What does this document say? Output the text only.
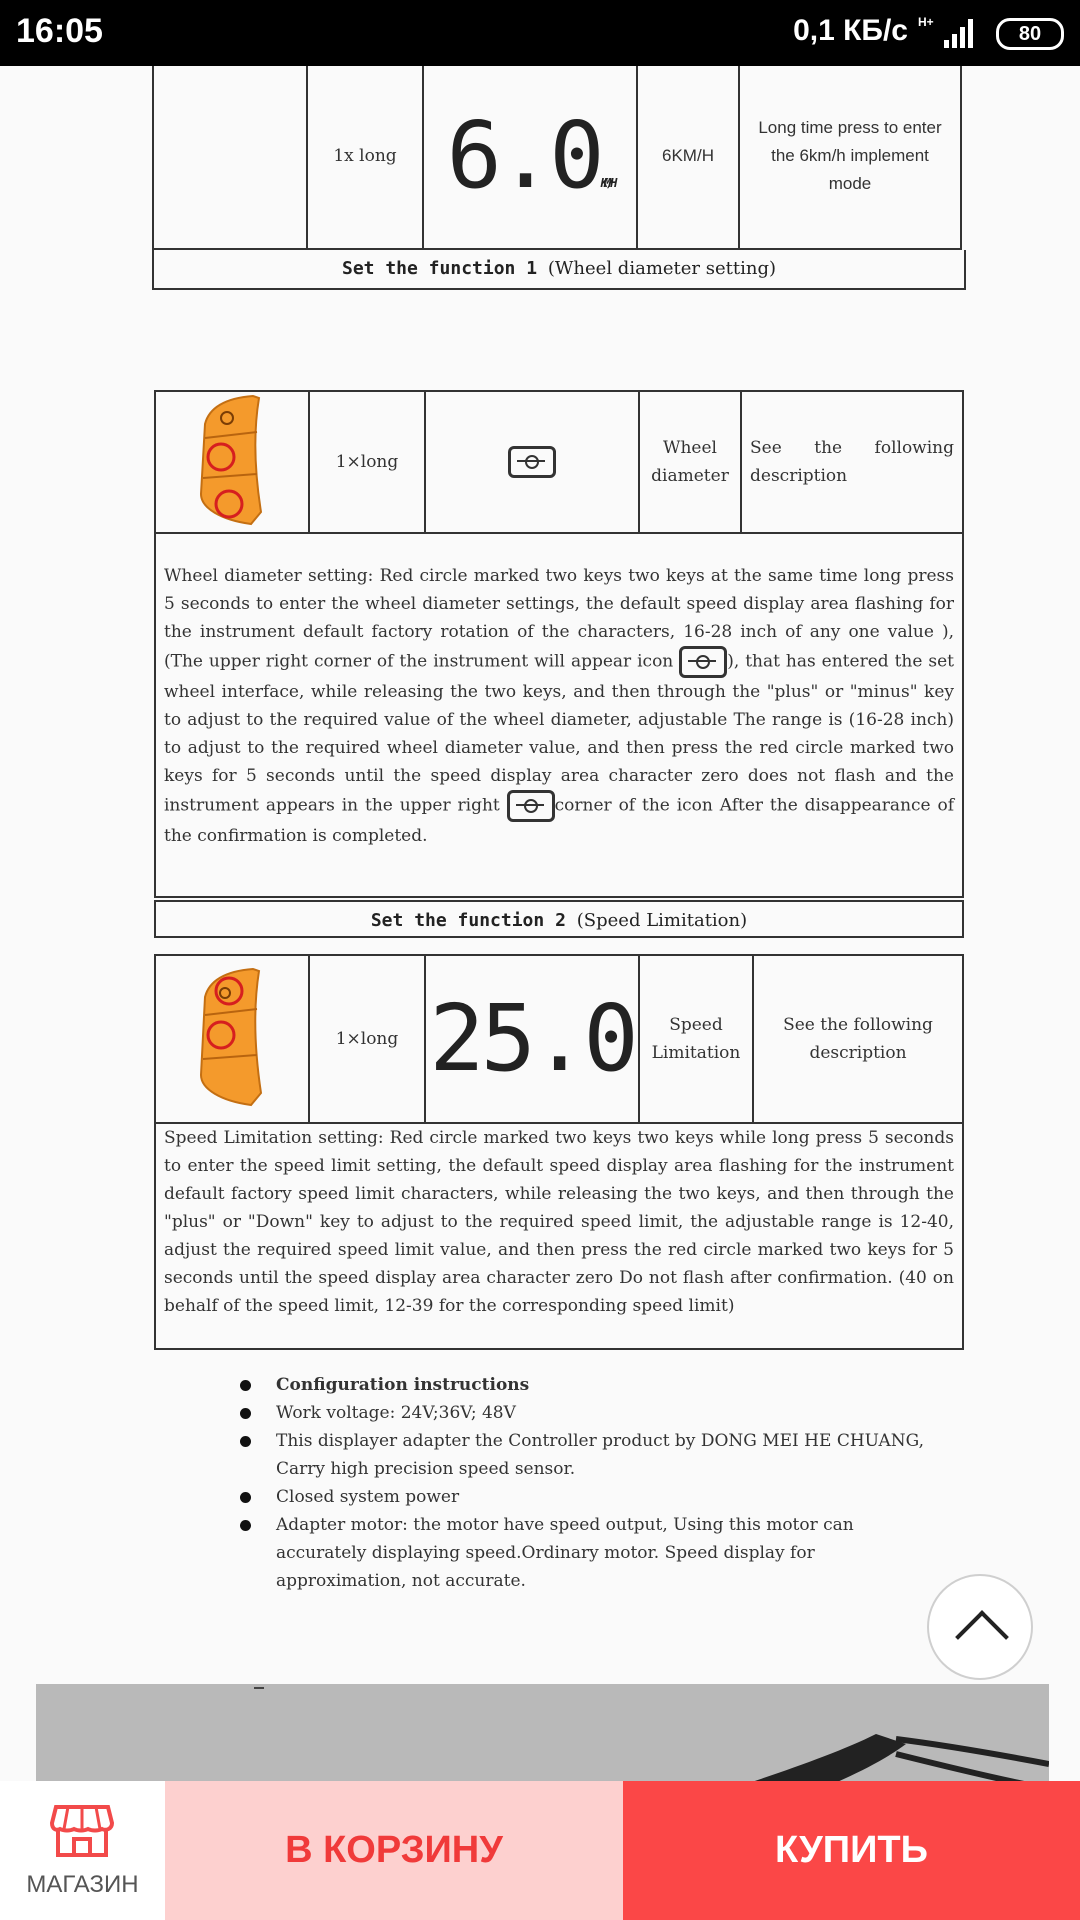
16:05	0,1 КБ/с H+
80
	1x long	6.0KM/H	6KM/H	Long time press to enter the 6km/h implement mode
Set the function 1 (Wheel diameter setting)
	1×long		Wheel diameter	See the following description
Wheel diameter setting: Red circle marked two keys two keys at the same time long press 5 seconds to enter the wheel diameter settings, the default speed display area flashing for the instrument default factory rotation of the characters, 16-28 inch of any one value ), (The upper right corner of the instrument will appear icon	), that has entered the set wheel interface, while releasing the two keys, and then through the "plus" or "minus" key to adjust to the required value of the wheel diameter, adjustable The range is (16-28 inch) to adjust to the required wheel diameter value, and then press the red circle marked two keys for 5 seconds until the speed display area character zero does not flash and the instrument appears in the upper right	corner of the icon After the disappearance of the confirmation is completed.
Set the function 2 (Speed Limitation)
	1×long	25.0	Speed Limitation	See the following description
Speed Limitation setting: Red circle marked two keys two keys while long press 5 seconds to enter the speed limit setting, the default speed display area flashing for the instrument default factory speed limit characters, while releasing the two keys, and then through the "plus" or "Down" key to adjust to the required speed limit, the adjustable range is 12-40, adjust the required speed limit value, and then press the red circle marked two keys for 5 seconds until the speed display area character zero Do not flash after confirmation. (40 on behalf of the speed limit, 12-39 for the corresponding speed limit)
Configuration instructions
Work voltage: 24V;36V; 48V
This displayer adapter the Controller product by DONG MEI HE CHUANG, Carry high precision speed sensor.
Closed system power
Adapter motor: the motor have speed output, Using this motor can accurately displaying speed.Ordinary motor. Speed display for approximation, not accurate.
МАГАЗИН
В КОРЗИНУ	КУПИТЬ
